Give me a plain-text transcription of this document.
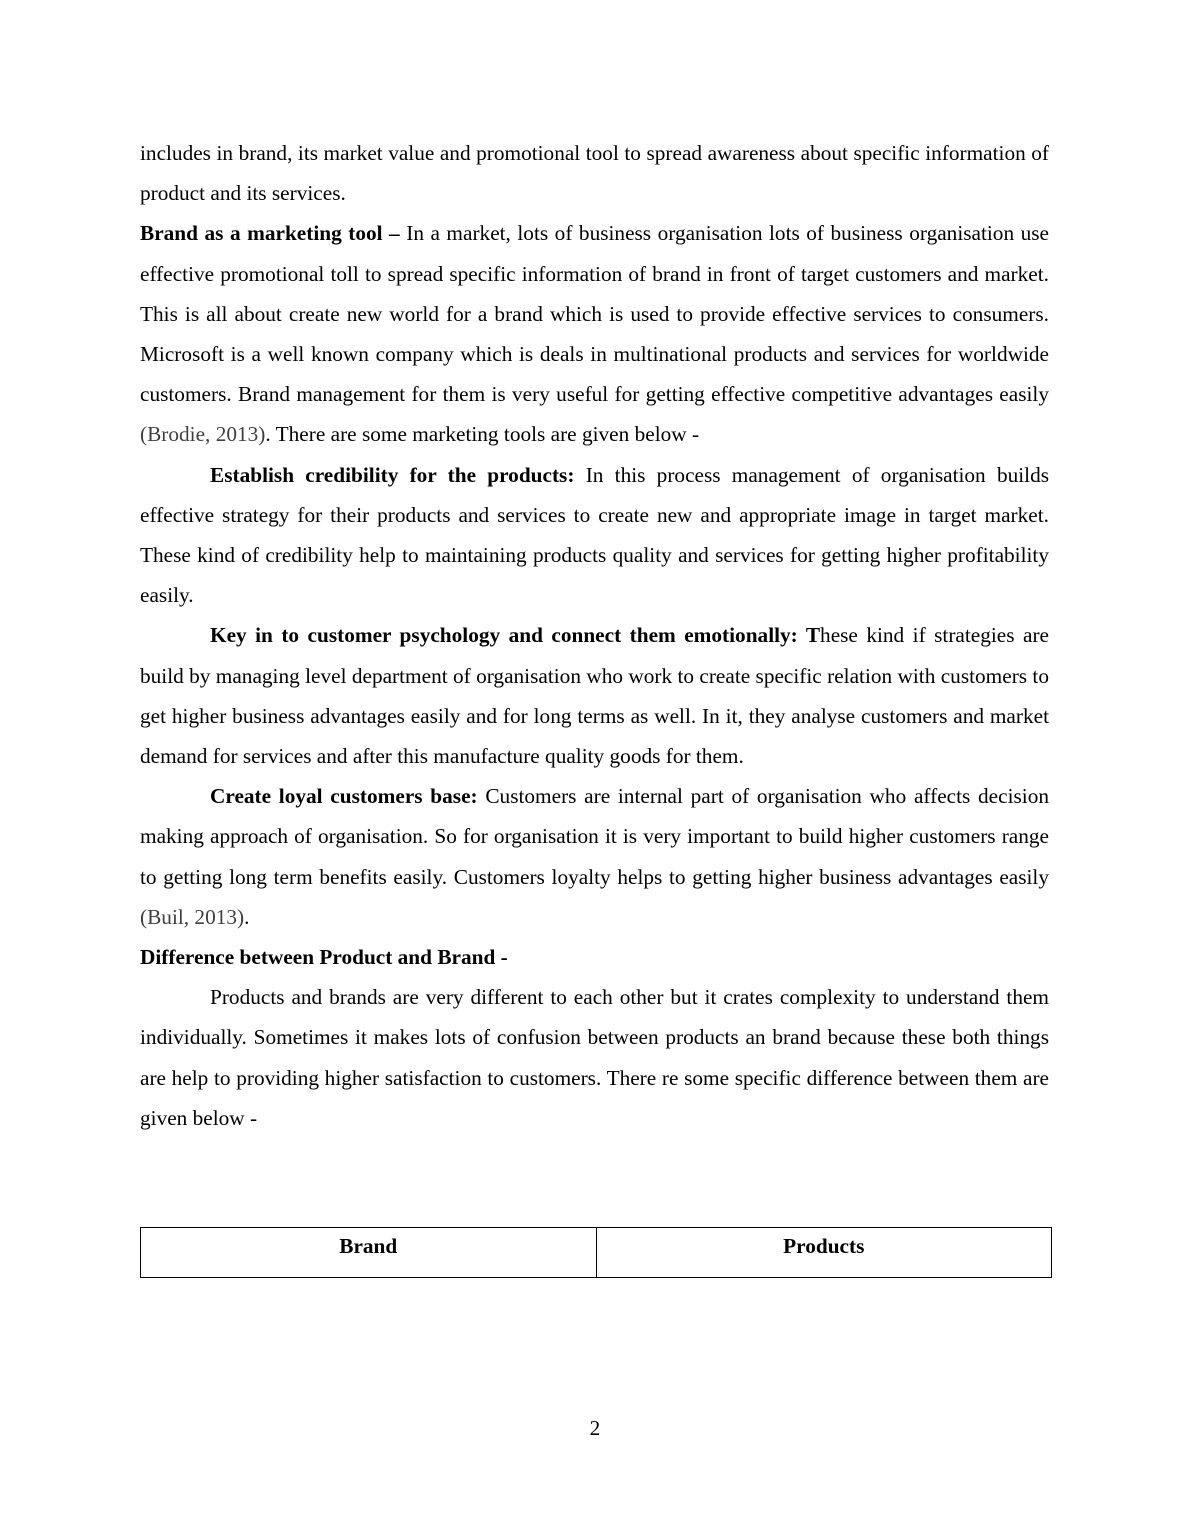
includes in brand, its market value and promotional tool to spread awareness about specific information of product and its services.

Brand as a marketing tool – In a market, lots of business organisation lots of business organisation use effective promotional toll to spread specific information of brand in front of target customers and market. This is all about create new world for a brand which is used to provide effective services to consumers. Microsoft is a well known company which is deals in multinational products and services for worldwide customers. Brand management for them is very useful for getting effective competitive advantages easily (Brodie, 2013). There are some marketing tools are given below -

Establish credibility for the products: In this process management of organisation builds effective strategy for their products and services to create new and appropriate image in target market. These kind of credibility help to maintaining products quality and services for getting higher profitability easily.

Key in to customer psychology and connect them emotionally: These kind if strategies are build by managing level department of organisation who work to create specific relation with customers to get higher business advantages easily and for long terms as well. In it, they analyse customers and market demand for services and after this manufacture quality goods for them.

Create loyal customers base: Customers are internal part of organisation who affects decision making approach of organisation. So for organisation it is very important to build higher customers range to getting long term benefits easily. Customers loyalty helps to getting higher business advantages easily (Buil, 2013).

Difference between Product and Brand -

Products and brands are very different to each other but it crates complexity to understand them individually. Sometimes it makes lots of confusion between products an brand because these both things are help to providing higher satisfaction to customers. There re some specific difference between them are given below -

Brand	Products
2
